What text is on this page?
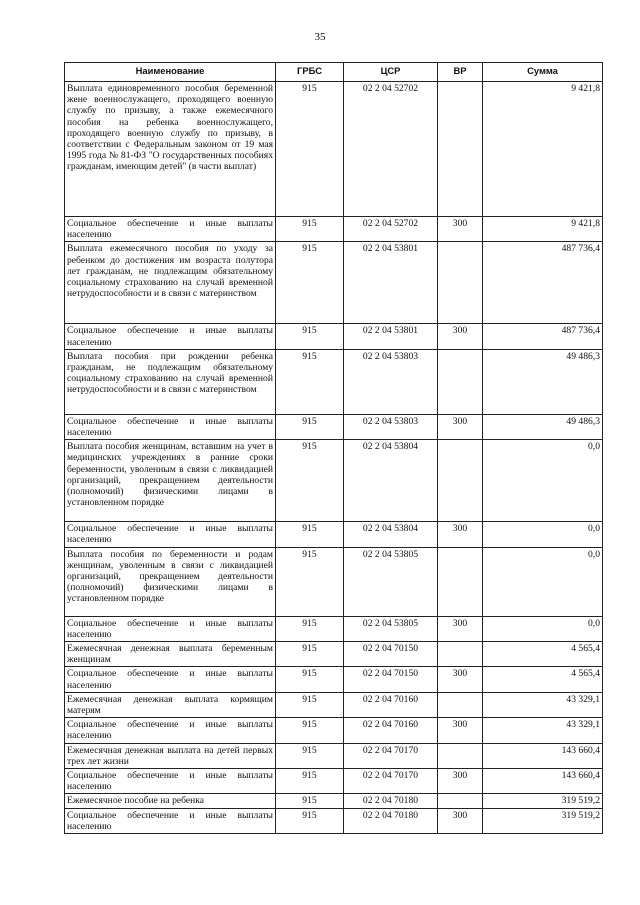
35
Наименование	ГРБС	ЦСР	ВР	Сумма
Выплата единовременного пособия беременной жене военнослужащего, проходящего военную службу по призыву, а также ежемесячного пособия на ребенка военнослужащего, проходящего военную службу по призыву, в соответствии с Федеральным законом от 19 мая 1995 года № 81-ФЗ "О государственных пособиях гражданам, имеющим детей" (в части выплат)	915	02 2 04 52702		9 421,8
Социальное обеспечение и иные выплаты населению	915	02 2 04 52702	300	9 421,8
Выплата ежемесячного пособия по уходу за ребенком до достижения им возраста полутора лет гражданам, не подлежащим обязательному социальному страхованию на случай временной нетрудоспособности и в связи с материнством	915	02 2 04 53801		487 736,4
Социальное обеспечение и иные выплаты населению	915	02 2 04 53801	300	487 736,4
Выплата пособия при рождении ребенка гражданам, не подлежащим обязательному социальному страхованию на случай временной нетрудоспособности и в связи с материнством	915	02 2 04 53803		49 486,3
Социальное обеспечение и иные выплаты населению	915	02 2 04 53803	300	49 486,3
Выплата пособия женщинам, вставшим на учет в медицинских учреждениях в ранние сроки беременности, уволенным в связи с ликвидацией организаций, прекращением деятельности (полномочий) физическими лицами в установленном порядке	915	02 2 04 53804		0,0
Социальное обеспечение и иные выплаты населению	915	02 2 04 53804	300	0,0
Выплата пособия по беременности и родам женщинам, уволенным в связи с ликвидацией организаций, прекращением деятельности (полномочий) физическими лицами в установленном порядке	915	02 2 04 53805		0,0
Социальное обеспечение и иные выплаты населению	915	02 2 04 53805	300	0,0
Ежемесячная денежная выплата беременным женщинам	915	02 2 04 70150		4 565,4
Социальное обеспечение и иные выплаты населению	915	02 2 04 70150	300	4 565,4
Ежемесячная денежная выплата кормящим матерям	915	02 2 04 70160		43 329,1
Социальное обеспечение и иные выплаты населению	915	02 2 04 70160	300	43 329,1
Ежемесячная денежная выплата на детей первых трех лет жизни	915	02 2 04 70170		143 660,4
Социальное обеспечение и иные выплаты населению	915	02 2 04 70170	300	143 660,4
Ежемесячное пособие на ребенка	915	02 2 04 70180		319 519,2
Социальное обеспечение и иные выплаты населению	915	02 2 04 70180	300	319 519,2
